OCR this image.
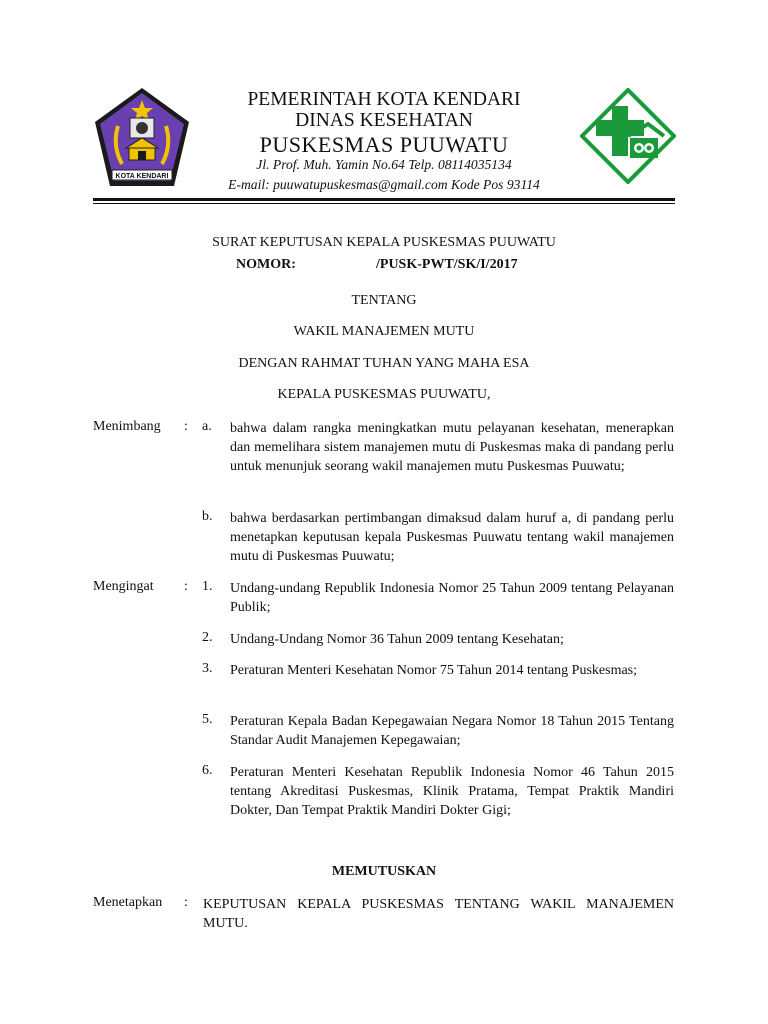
KOTA KENDARI
PEMERINTAH KOTA KENDARI
DINAS KESEHATAN
PUSKESMAS PUUWATU
Jl. Prof. Muh. Yamin No.64 Telp. 08114035134
E-mail: puuwatupuskesmas@gmail.com Kode Pos 93114
SURAT KEPUTUSAN KEPALA PUSKESMAS PUUWATU
NOMOR:	/PUSK-PWT/SK/I/2017
TENTANG
WAKIL MANAJEMEN MUTU
DENGAN RAHMAT TUHAN YANG MAHA ESA
KEPALA PUSKESMAS PUUWATU,
Menimbang : a. bahwa dalam rangka meningkatkan mutu pelayanan kesehatan, menerapkan dan memelihara sistem manajemen mutu di Puskesmas maka di pandang perlu untuk menunjuk seorang wakil manajemen mutu Puskesmas Puuwatu;
b. bahwa berdasarkan pertimbangan dimaksud dalam huruf a, di pandang perlu menetapkan keputusan kepala Puskesmas Puuwatu tentang wakil manajemen mutu di Puskesmas Puuwatu;
Mengingat : 1. Undang-undang Republik Indonesia Nomor 25 Tahun 2009 tentang Pelayanan Publik;
2. Undang-Undang Nomor 36 Tahun 2009 tentang Kesehatan;
3. Peraturan Menteri Kesehatan Nomor 75 Tahun 2014 tentang Puskesmas;
5. Peraturan Kepala Badan Kepegawaian Negara Nomor 18 Tahun 2015 Tentang Standar Audit Manajemen Kepegawaian;
6. Peraturan Menteri Kesehatan Republik Indonesia Nomor 46 Tahun 2015 tentang Akreditasi Puskesmas, Klinik Pratama, Tempat Praktik Mandiri Dokter, Dan Tempat Praktik Mandiri Dokter Gigi;
MEMUTUSKAN
Menetapkan : KEPUTUSAN KEPALA PUSKESMAS TENTANG WAKIL MANAJEMEN MUTU.
